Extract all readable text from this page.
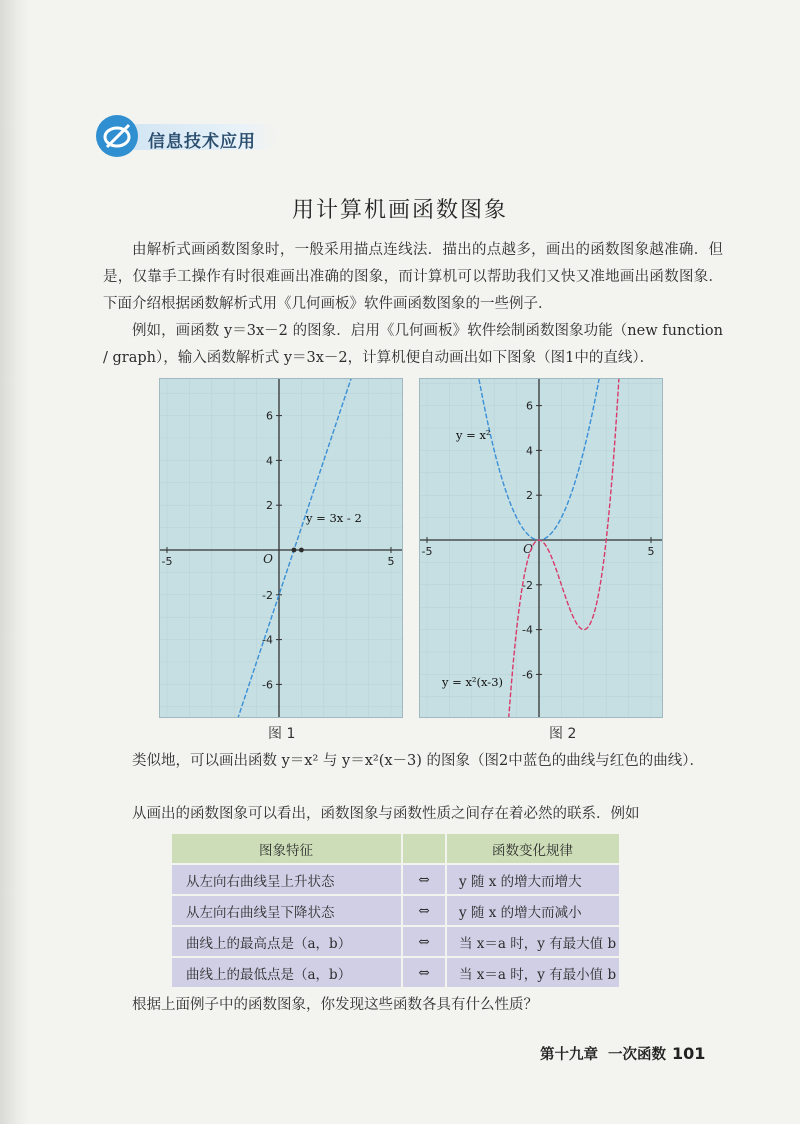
信息技术应用
用计算机画函数图象
由解析式画函数图象时，一般采用描点连线法．描出的点越多，画出的函数图象越准确．但是，仅靠手工操作有时很难画出准确的图象，而计算机可以帮助我们又快又准地画出函数图象．下面介绍根据函数解析式用《几何画板》软件画函数图象的一些例子．
例如，画函数 y＝3x－2 的图象．启用《几何画板》软件绘制函数图象功能（new function / graph），输入函数解析式 y＝3x－2，计算机便自动画出如下图象（图1中的直线）．
-5	5
6
4
2
-2
-4
-6
O
y = 3x - 2
-5	5
6
4
2
-2
-4
-6
O
y = x²
y = x²(x-3)
图 1	图 2
类似地，可以画出函数 y＝x² 与 y＝x²(x－3) 的图象（图2中蓝色的曲线与红色的曲线）．
从画出的函数图象可以看出，函数图象与函数性质之间存在着必然的联系．例如
图象特征		函数变化规律
从左向右曲线呈上升状态	⇔	y 随 x 的增大而增大
从左向右曲线呈下降状态	⇔	y 随 x 的增大而减小
曲线上的最高点是（a，b）	⇔	当 x＝a 时，y 有最大值 b
曲线上的最低点是（a，b）	⇔	当 x＝a 时，y 有最小值 b
根据上面例子中的函数图象，你发现这些函数各具有什么性质？
第十九章 一次函数 101
